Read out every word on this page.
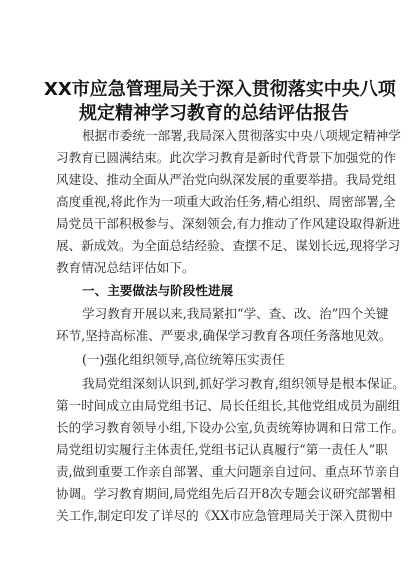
XX市应急管理局关于深入贯彻落实中央八项
规定精神学习教育的总结评估报告
根据市委统一部署,我局深入贯彻落实中央八项规定精神学
习教育已圆满结束。此次学习教育是新时代背景下加强党的作
风建设、推动全面从严治党向纵深发展的重要举措。我局党组
高度重视,将此作为一项重大政治任务,精心组织、周密部署,全
局党员干部积极参与、深刻领会,有力推动了作风建设取得新进
展、新成效。为全面总结经验、查摆不足、谋划长远,现将学习
教育情况总结评估如下。
一、主要做法与阶段性进展
学习教育开展以来,我局紧扣“学、查、改、治”四个关键
环节,坚持高标准、严要求,确保学习教育各项任务落地见效。
(一)强化组织领导,高位统筹压实责任
我局党组深刻认识到,抓好学习教育,组织领导是根本保证。
第一时间成立由局党组书记、局长任组长,其他党组成员为副组
长的学习教育领导小组,下设办公室,负责统筹协调和日常工作。
局党组切实履行主体责任,党组书记认真履行“第一责任人”职
责,做到重要工作亲自部署、重大问题亲自过问、重点环节亲自
协调。学习教育期间,局党组先后召开8次专题会议研究部署相
关工作,制定印发了详尽的《XX市应急管理局关于深入贯彻中
